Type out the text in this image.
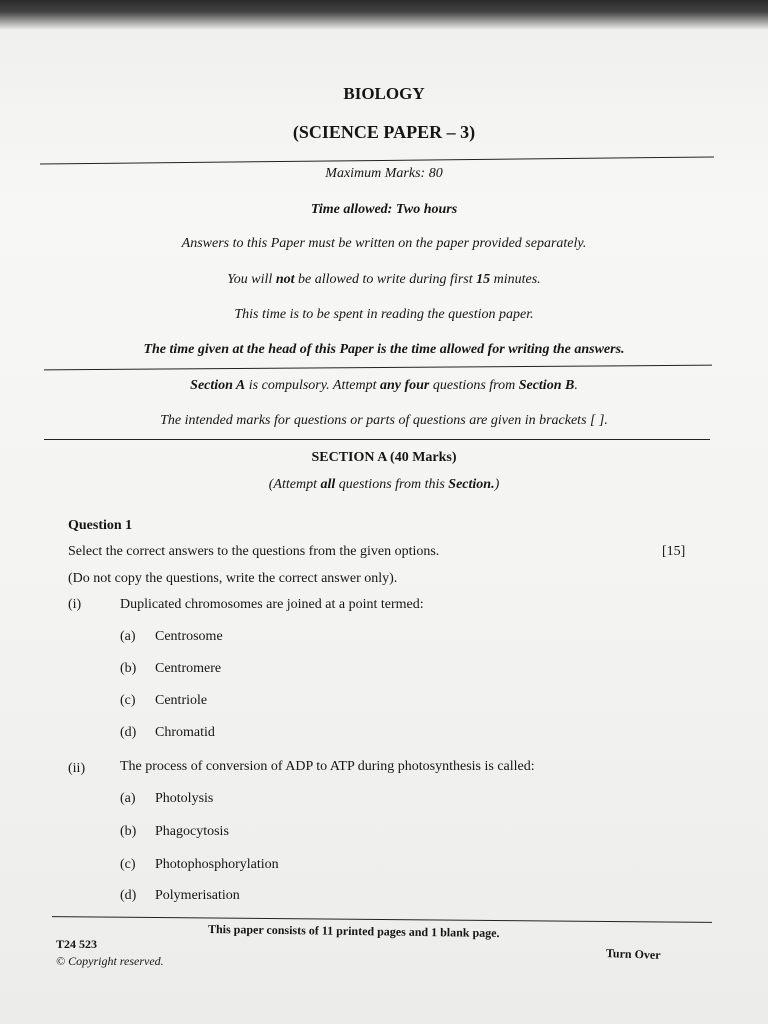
BIOLOGY
(SCIENCE PAPER – 3)
Maximum Marks: 80
Time allowed: Two hours
Answers to this Paper must be written on the paper provided separately.
You will not be allowed to write during first 15 minutes.
This time is to be spent in reading the question paper.
The time given at the head of this Paper is the time allowed for writing the answers.
Section A is compulsory. Attempt any four questions from Section B.
The intended marks for questions or parts of questions are given in brackets [ ].
SECTION A (40 Marks)
(Attempt all questions from this Section.)
Question 1
Select the correct answers to the questions from the given options.	[15]
(Do not copy the questions, write the correct answer only).
(i)	Duplicated chromosomes are joined at a point termed:
(a) Centrosome
(b) Centromere
(c) Centriole
(d) Chromatid
(ii) The process of conversion of ADP to ATP during photosynthesis is called:
(a) Photolysis
(b) Phagocytosis
(c) Photophosphorylation
(d) Polymerisation
This paper consists of 11 printed pages and 1 blank page.
T24 523
© Copyright reserved.	Turn Over
